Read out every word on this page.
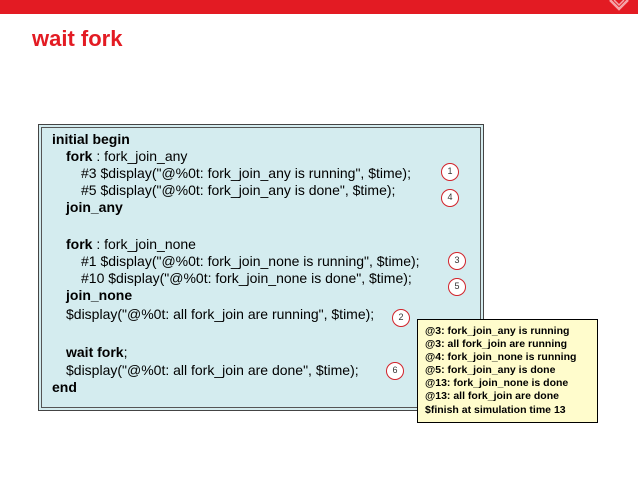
wait fork
initial begin
fork : fork_join_any
#3 $display("@%0t: fork_join_any is running", $time);
#5 $display("@%0t: fork_join_any is done", $time);
join_any
fork : fork_join_none
#1 $display("@%0t: fork_join_none is running", $time);
#10 $display("@%0t: fork_join_none is done", $time);
join_none
$display("@%0t: all fork_join are running", $time);
wait fork;
$display("@%0t: all fork_join are done", $time);
end
1
4
3
5
2
6
@3: fork_join_any is running
@3: all fork_join are running
@4: fork_join_none is running
@5: fork_join_any is done
@13: fork_join_none is done
@13: all fork_join are done
$finish at simulation time 13
